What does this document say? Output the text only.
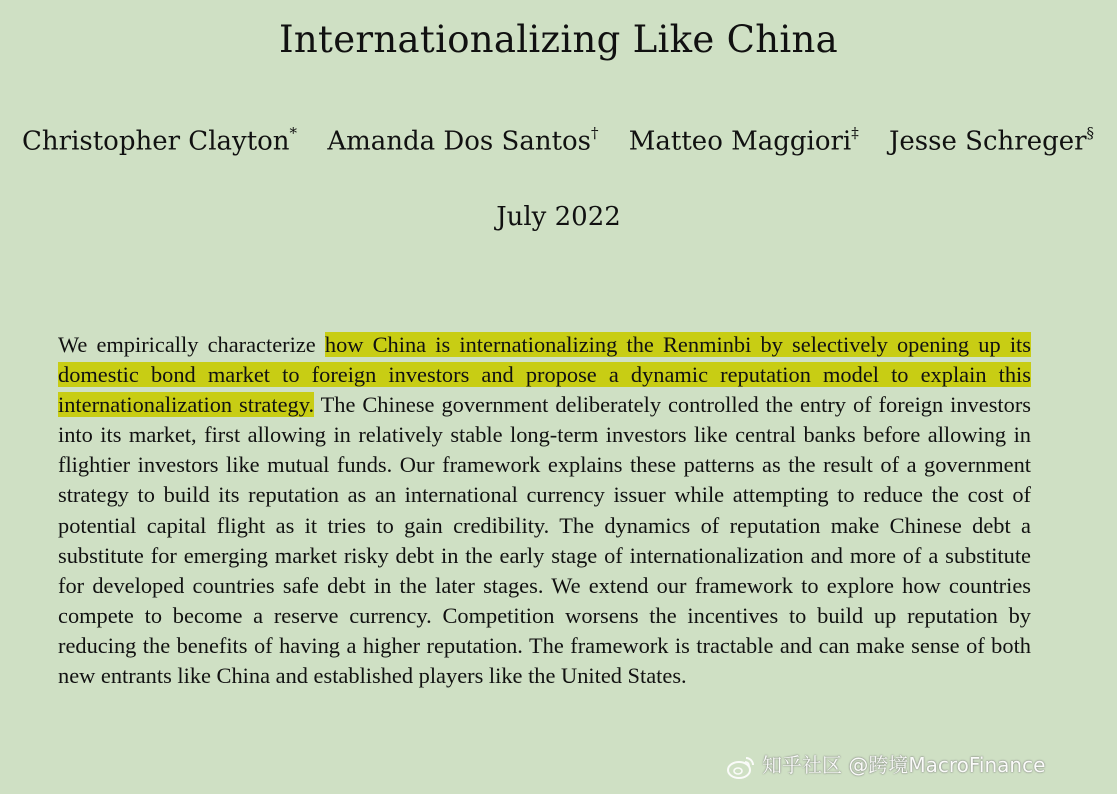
Internationalizing Like China
Christopher Clayton* Amanda Dos Santos† Matteo Maggiori‡ Jesse Schreger§
July 2022
We empirically characterize how China is internationalizing the Renminbi by selectively opening up its domestic bond market to foreign investors and propose a dynamic reputation model to explain this internationalization strategy. The Chinese government deliberately controlled the entry of foreign investors into its market, first allowing in relatively stable long-term investors like central banks before allowing in flightier investors like mutual funds. Our framework explains these patterns as the result of a government strategy to build its reputation as an international currency issuer while attempting to reduce the cost of potential capital flight as it tries to gain credibility. The dynamics of reputation make Chinese debt a substitute for emerging market risky debt in the early stage of internationalization and more of a substitute for developed countries safe debt in the later stages. We extend our framework to explore how countries compete to become a reserve currency. Competition worsens the incentives to build up reputation by reducing the benefits of having a higher reputation. The framework is tractable and can make sense of both new entrants like China and established players like the United States.
知乎社区 @跨境MacroFinance
